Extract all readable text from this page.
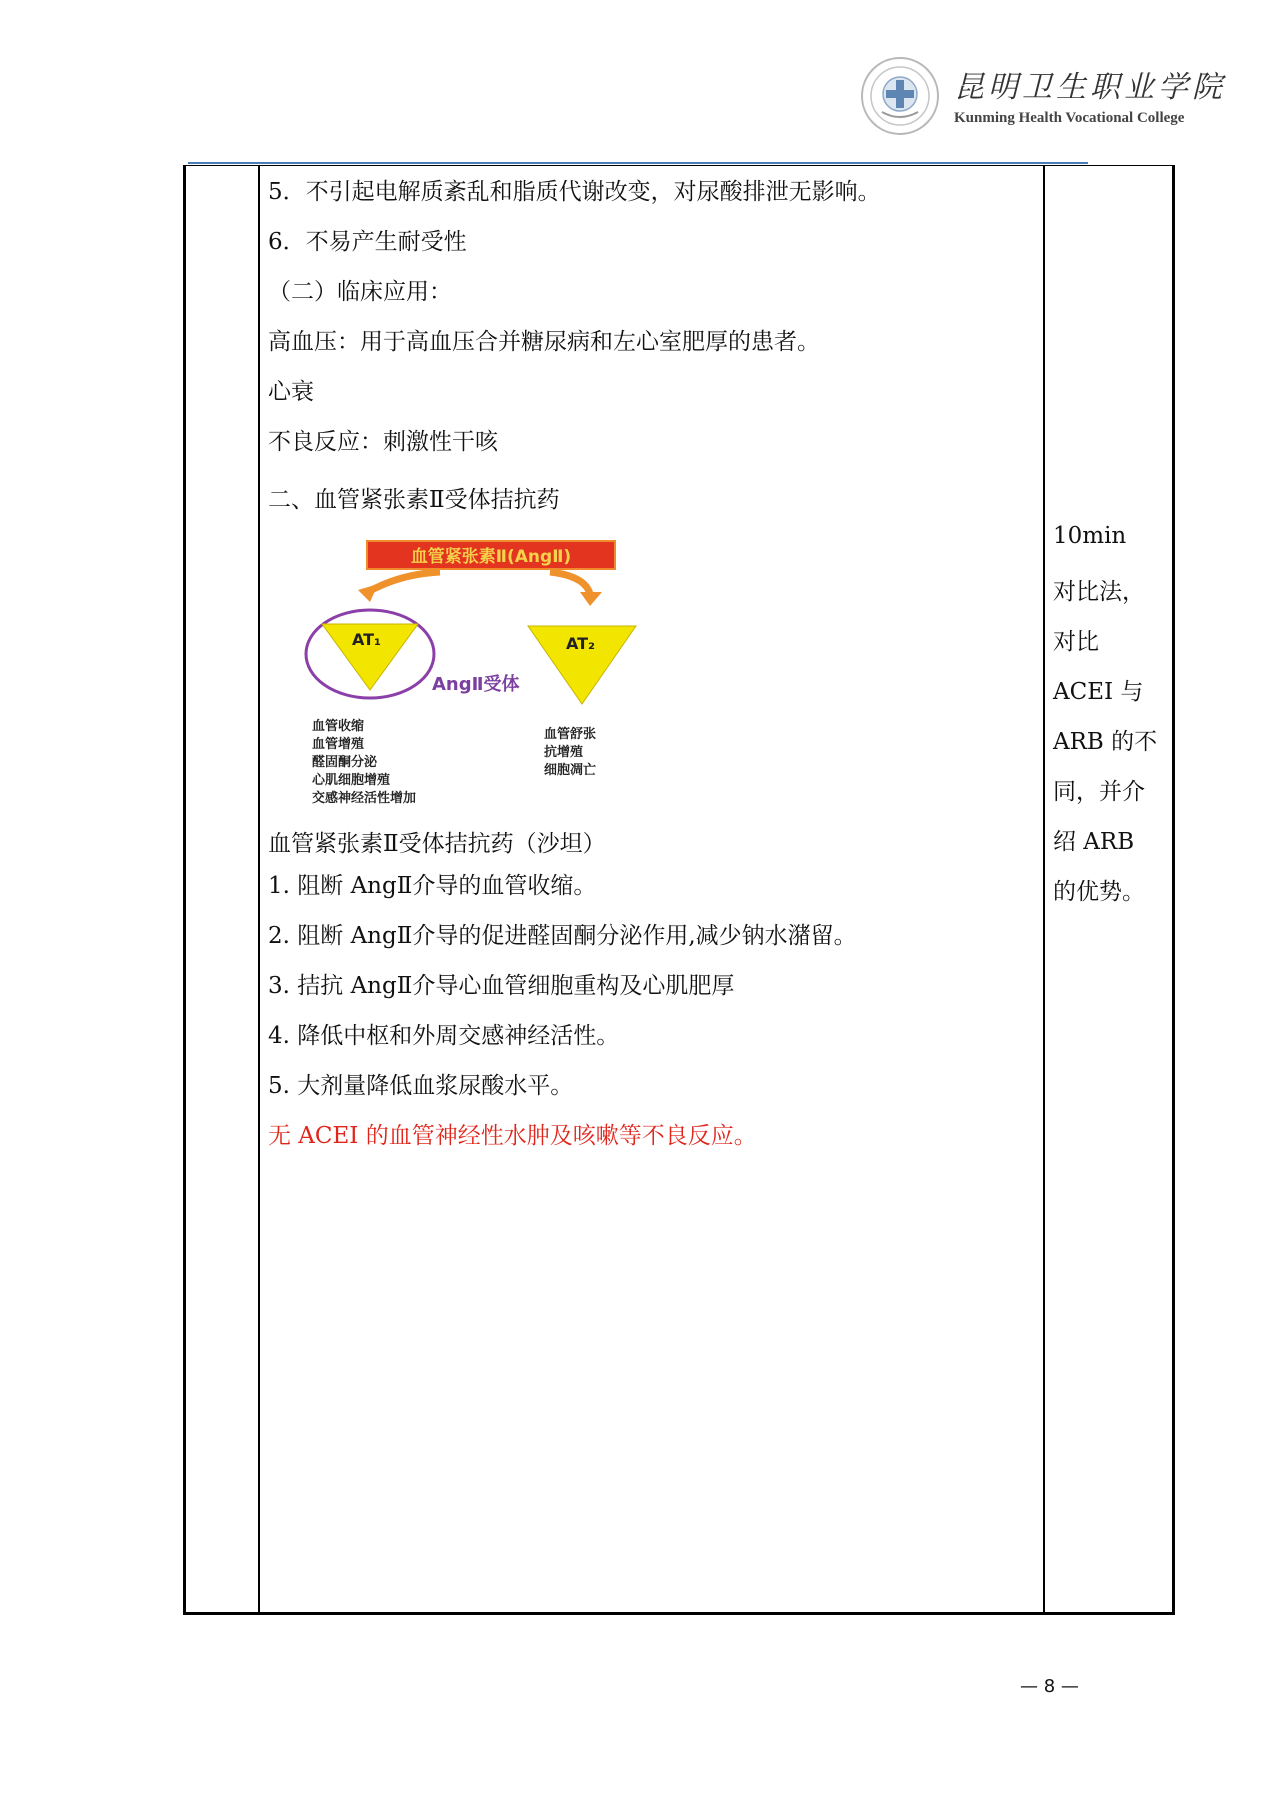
昆明卫生职业学院
Kunming Health Vocational College
5．不引起电解质紊乱和脂质代谢改变，对尿酸排泄无影响。
6．不易产生耐受性
（二）临床应用：
高血压：用于高血压合并糖尿病和左心室肥厚的患者。
心衰
不良反应：刺激性干咳
二、血管紧张素Ⅱ受体拮抗药
血管紧张素Ⅱ受体拮抗药（沙坦）
1. 阻断 AngⅡ介导的血管收缩。
2. 阻断 AngⅡ介导的促进醛固酮分泌作用,减少钠水潴留。
3. 拮抗 AngⅡ介导心血管细胞重构及心肌肥厚
4. 降低中枢和外周交感神经活性。
5. 大剂量降低血浆尿酸水平。
无 ACEI 的血管神经性水肿及咳嗽等不良反应。
血管紧张素Ⅱ(AngⅡ)
AT₁	AT₂
AngⅡ受体
血管收缩
血管增殖
醛固酮分泌
心肌细胞增殖
交感神经活性增加
血管舒张
抗增殖
细胞凋亡
10min
对比法，
对比
ACEI 与
ARB 的不
同，并介
绍 ARB
的优势。
— 8 —
